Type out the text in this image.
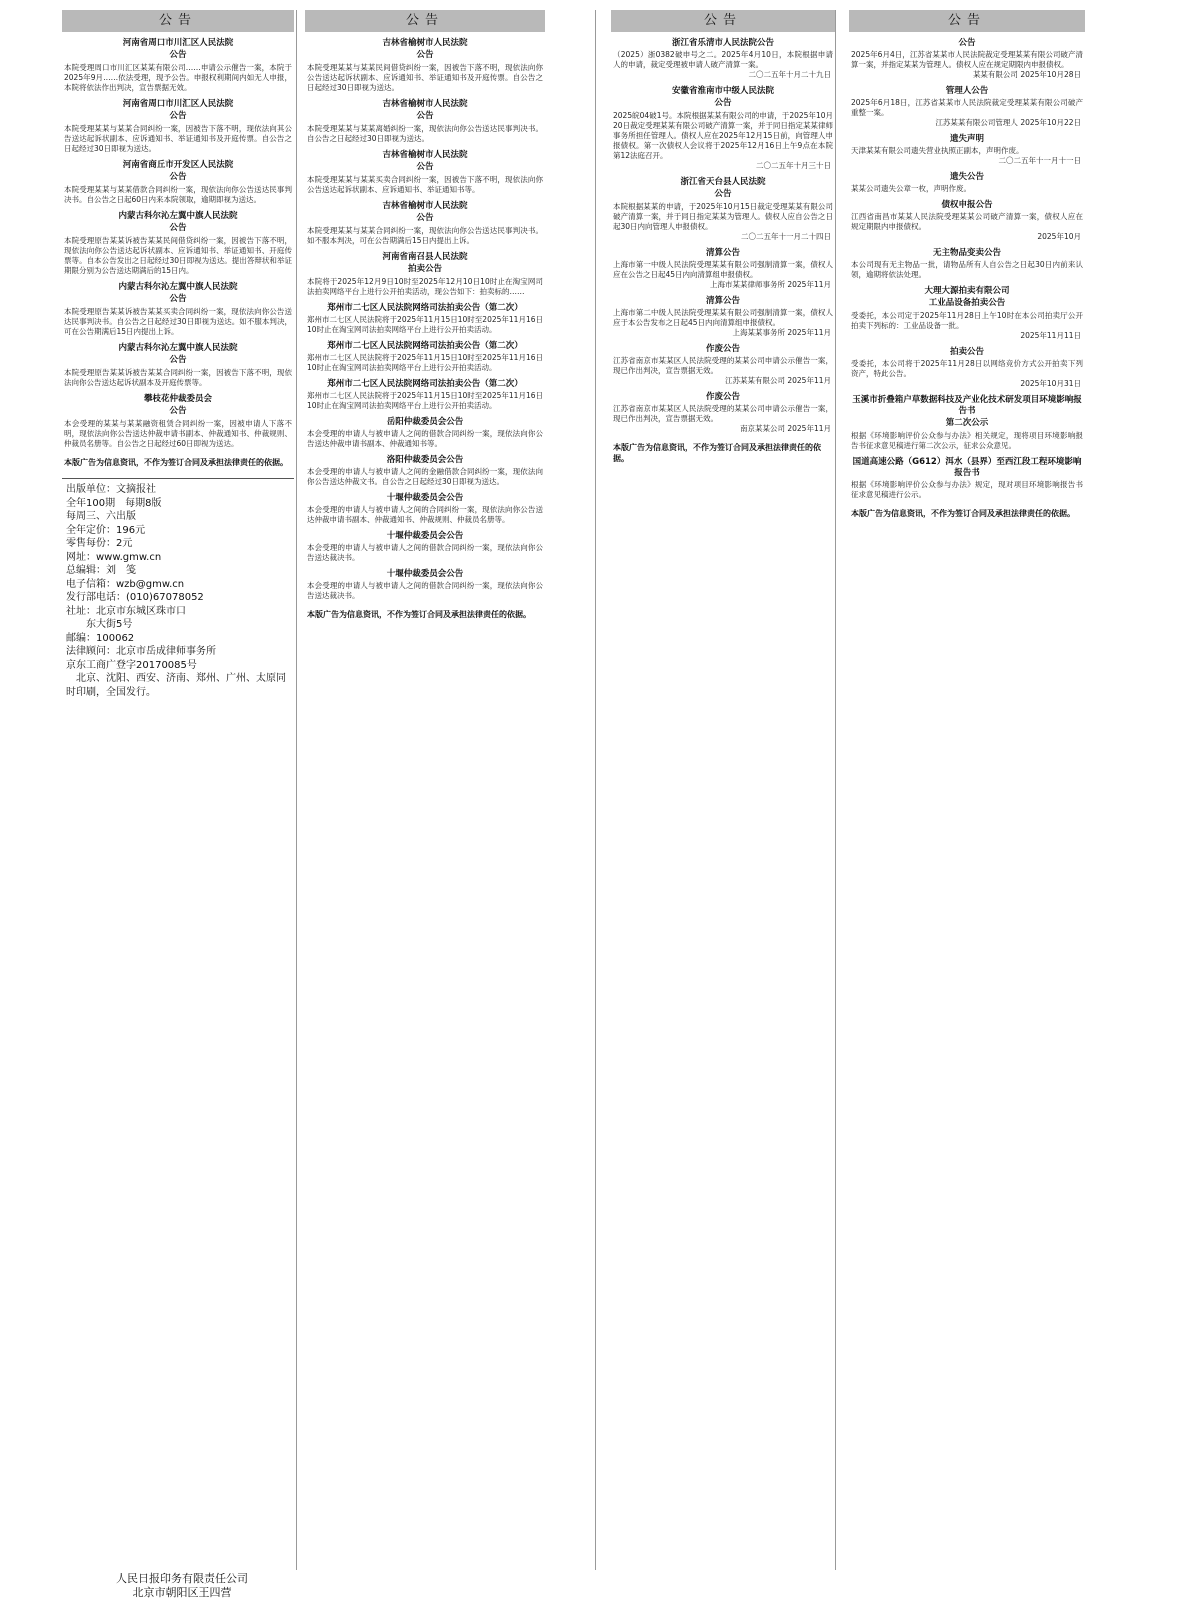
公告
河南省周口市川汇区人民法院
公告
本院受理周口市川汇区某某有限公司……申请公示催告一案，本院于2025年9月……依法受理，现予公告。申报权利期间内如无人申报，本院将依法作出判决，宣告票据无效。
河南省周口市川汇区人民法院
公告
本院受理某某与某某合同纠纷一案，因被告下落不明，现依法向其公告送达起诉状副本、应诉通知书、举证通知书及开庭传票。自公告之日起经过30日即视为送达。
河南省商丘市开发区人民法院
公告
本院受理某某与某某借款合同纠纷一案，现依法向你公告送达民事判决书。自公告之日起60日内来本院领取，逾期即视为送达。
内蒙古科尔沁左翼中旗人民法院
公告
本院受理原告某某诉被告某某民间借贷纠纷一案，因被告下落不明，现依法向你公告送达起诉状副本、应诉通知书、举证通知书、开庭传票等。自本公告发出之日起经过30日即视为送达。提出答辩状和举证期限分别为公告送达期满后的15日内。
内蒙古科尔沁左翼中旗人民法院
公告
本院受理原告某某诉被告某某买卖合同纠纷一案，现依法向你公告送达民事判决书。自公告之日起经过30日即视为送达。如不服本判决，可在公告期满后15日内提出上诉。
内蒙古科尔沁左翼中旗人民法院
公告
本院受理原告某某诉被告某某合同纠纷一案，因被告下落不明，现依法向你公告送达起诉状副本及开庭传票等。
攀枝花仲裁委员会
公告
本会受理的某某与某某融资租赁合同纠纷一案，因被申请人下落不明，现依法向你公告送达仲裁申请书副本、仲裁通知书、仲裁规则、仲裁员名册等。自公告之日起经过60日即视为送达。
本版广告为信息资讯，不作为签订合同及承担法律责任的依据。
出版单位：文摘报社
全年100期　每期8版
每周三、六出版
全年定价：196元
零售每份：2元
网址：www.gmw.cn
总编辑：刘　笺
电子信箱：wzb@gmw.cn
发行部电话：(010)67078052
社址：北京市东城区珠市口
　　东大街5号
邮编：100062
法律顾问：北京市岳成律师事务所
京东工商广登字20170085号
　北京、沈阳、西安、济南、郑州、广州、太原同时印刷，全国发行。
公告
吉林省榆树市人民法院
公告
本院受理某某与某某民间借贷纠纷一案，因被告下落不明，现依法向你公告送达起诉状副本、应诉通知书、举证通知书及开庭传票。自公告之日起经过30日即视为送达。
吉林省榆树市人民法院
公告
本院受理某某与某某离婚纠纷一案，现依法向你公告送达民事判决书。自公告之日起经过30日即视为送达。
吉林省榆树市人民法院
公告
本院受理某某与某某买卖合同纠纷一案，因被告下落不明，现依法向你公告送达起诉状副本、应诉通知书、举证通知书等。
吉林省榆树市人民法院
公告
本院受理某某与某某合同纠纷一案，现依法向你公告送达民事判决书。如不服本判决，可在公告期满后15日内提出上诉。
河南省南召县人民法院
拍卖公告
本院将于2025年12月9日10时至2025年12月10日10时止在淘宝网司法拍卖网络平台上进行公开拍卖活动，现公告如下：拍卖标的……
郑州市二七区人民法院网络司法拍卖公告（第二次）
郑州市二七区人民法院将于2025年11月15日10时至2025年11月16日10时止在淘宝网司法拍卖网络平台上进行公开拍卖活动。
郑州市二七区人民法院网络司法拍卖公告（第二次）
郑州市二七区人民法院将于2025年11月15日10时至2025年11月16日10时止在淘宝网司法拍卖网络平台上进行公开拍卖活动。
郑州市二七区人民法院网络司法拍卖公告（第二次）
郑州市二七区人民法院将于2025年11月15日10时至2025年11月16日10时止在淘宝网司法拍卖网络平台上进行公开拍卖活动。
岳阳仲裁委员会公告
本会受理的申请人与被申请人之间的借款合同纠纷一案，现依法向你公告送达仲裁申请书副本、仲裁通知书等。
洛阳仲裁委员会公告
本会受理的申请人与被申请人之间的金融借款合同纠纷一案，现依法向你公告送达仲裁文书。自公告之日起经过30日即视为送达。
十堰仲裁委员会公告
本会受理的申请人与被申请人之间的合同纠纷一案，现依法向你公告送达仲裁申请书副本、仲裁通知书、仲裁规则、仲裁员名册等。
十堰仲裁委员会公告
本会受理的申请人与被申请人之间的借款合同纠纷一案，现依法向你公告送达裁决书。
十堰仲裁委员会公告
本会受理的申请人与被申请人之间的借款合同纠纷一案，现依法向你公告送达裁决书。
本版广告为信息资讯，不作为签订合同及承担法律责任的依据。
公告
浙江省乐清市人民法院公告
（2025）浙0382破申号之二。2025年4月10日，本院根据申请人的申请，裁定受理被申请人破产清算一案。
二〇二五年十月二十九日
安徽省淮南市中级人民法院
公告
2025皖04破1号。本院根据某某有限公司的申请，于2025年10月20日裁定受理某某有限公司破产清算一案，并于同日指定某某律师事务所担任管理人。债权人应在2025年12月15日前，向管理人申报债权。第一次债权人会议将于2025年12月16日上午9点在本院第12法庭召开。
二〇二五年十月三十日
浙江省天台县人民法院
公告
本院根据某某的申请，于2025年10月15日裁定受理某某有限公司破产清算一案，并于同日指定某某为管理人。债权人应自公告之日起30日内向管理人申报债权。
二〇二五年十一月二十四日
清算公告
上海市第一中级人民法院受理某某有限公司强制清算一案，债权人应在公告之日起45日内向清算组申报债权。
上海市某某律师事务所 2025年11月
清算公告
上海市第二中级人民法院受理某某有限公司强制清算一案，债权人应于本公告发布之日起45日内向清算组申报债权。
上海某某事务所 2025年11月
作废公告
江苏省南京市某某区人民法院受理的某某公司申请公示催告一案，现已作出判决，宣告票据无效。
江苏某某有限公司 2025年11月
作废公告
江苏省南京市某某区人民法院受理的某某公司申请公示催告一案，现已作出判决，宣告票据无效。
南京某某公司 2025年11月
本版广告为信息资讯，不作为签订合同及承担法律责任的依据。
公告
公告
2025年6月4日，江苏省某某市人民法院裁定受理某某有限公司破产清算一案，并指定某某为管理人。债权人应在规定期限内申报债权。
某某有限公司 2025年10月28日
管理人公告
2025年6月18日，江苏省某某市人民法院裁定受理某某有限公司破产重整一案。
江苏某某有限公司管理人 2025年10月22日
遗失声明
天津某某有限公司遗失营业执照正副本，声明作废。
二〇二五年十一月十一日
遗失公告
某某公司遗失公章一枚，声明作废。
债权申报公告
江西省南昌市某某人民法院受理某某公司破产清算一案，债权人应在规定期限内申报债权。
2025年10月
无主物品变卖公告
本公司现有无主物品一批，请物品所有人自公告之日起30日内前来认领，逾期将依法处理。
大理大源拍卖有限公司
工业品设备拍卖公告
受委托，本公司定于2025年11月28日上午10时在本公司拍卖厅公开拍卖下列标的：工业品设备一批。
2025年11月11日
拍卖公告
受委托，本公司将于2025年11月28日以网络竞价方式公开拍卖下列资产，特此公告。
2025年10月31日
玉溪市折叠箱户草数据科技及产业化技术研发项目环境影响报告书
第二次公示
根据《环境影响评价公众参与办法》相关规定，现将项目环境影响报告书征求意见稿进行第二次公示，征求公众意见。
国道高速公路（G612）洱水（县界）至西江段工程环境影响报告书
根据《环境影响评价公众参与办法》规定，现对项目环境影响报告书征求意见稿进行公示。
本版广告为信息资讯，不作为签订合同及承担法律责任的依据。
人民日报印务有限责任公司
北京市朝阳区王四营
